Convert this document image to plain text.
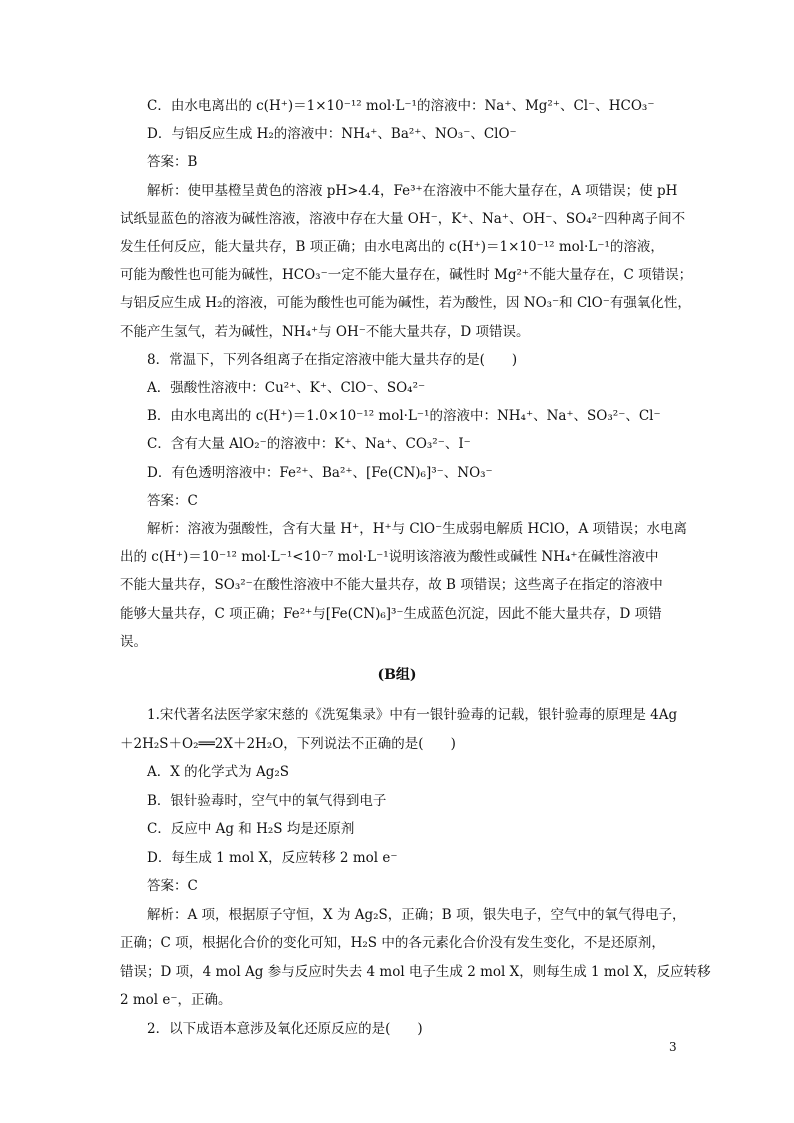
C．由水电离出的 c(H⁺)＝1×10⁻¹² mol·L⁻¹的溶液中：Na⁺、Mg²⁺、Cl⁻、HCO₃⁻
D．与铝反应生成 H₂的溶液中：NH₄⁺、Ba²⁺、NO₃⁻、ClO⁻
答案：B
解析：使甲基橙呈黄色的溶液 pH>4.4，Fe³⁺在溶液中不能大量存在，A 项错误；使 pH
试纸显蓝色的溶液为碱性溶液，溶液中存在大量 OH⁻，K⁺、Na⁺、OH⁻、SO₄²⁻四种离子间不
发生任何反应，能大量共存，B 项正确；由水电离出的 c(H⁺)＝1×10⁻¹² mol·L⁻¹的溶液，
可能为酸性也可能为碱性，HCO₃⁻一定不能大量存在，碱性时 Mg²⁺不能大量存在，C 项错误；
与铝反应生成 H₂的溶液，可能为酸性也可能为碱性，若为酸性，因 NO₃⁻和 ClO⁻有强氧化性，
不能产生氢气，若为碱性，NH₄⁺与 OH⁻不能大量共存，D 项错误。
8．常温下，下列各组离子在指定溶液中能大量共存的是(　　)
A．强酸性溶液中：Cu²⁺、K⁺、ClO⁻、SO₄²⁻
B．由水电离出的 c(H⁺)＝1.0×10⁻¹² mol·L⁻¹的溶液中：NH₄⁺、Na⁺、SO₃²⁻、Cl⁻
C．含有大量 AlO₂⁻的溶液中：K⁺、Na⁺、CO₃²⁻、I⁻
D．有色透明溶液中：Fe²⁺、Ba²⁺、[Fe(CN)₆]³⁻、NO₃⁻
答案：C
解析：溶液为强酸性，含有大量 H⁺，H⁺与 ClO⁻生成弱电解质 HClO，A 项错误；水电离
出的 c(H⁺)＝10⁻¹² mol·L⁻¹<10⁻⁷ mol·L⁻¹说明该溶液为酸性或碱性 NH₄⁺在碱性溶液中
不能大量共存，SO₃²⁻在酸性溶液中不能大量共存，故 B 项错误；这些离子在指定的溶液中
能够大量共存，C 项正确；Fe²⁺与[Fe(CN)₆]³⁻生成蓝色沉淀，因此不能大量共存，D 项错
误。
(B组)
1.宋代著名法医学家宋慈的《洗冤集录》中有一银针验毒的记载，银针验毒的原理是 4Ag
＋2H₂S＋O₂══2X＋2H₂O，下列说法不正确的是(　　)
A．X 的化学式为 Ag₂S
B．银针验毒时，空气中的氧气得到电子
C．反应中 Ag 和 H₂S 均是还原剂
D．每生成 1 mol X，反应转移 2 mol e⁻
答案：C
解析：A 项，根据原子守恒，X 为 Ag₂S，正确；B 项，银失电子，空气中的氧气得电子，
正确；C 项，根据化合价的变化可知，H₂S 中的各元素化合价没有发生变化，不是还原剂，
错误；D 项，4 mol Ag 参与反应时失去 4 mol 电子生成 2 mol X，则每生成 1 mol X，反应转移
2 mol e⁻，正确。
2．以下成语本意涉及氧化还原反应的是(　　)
3
